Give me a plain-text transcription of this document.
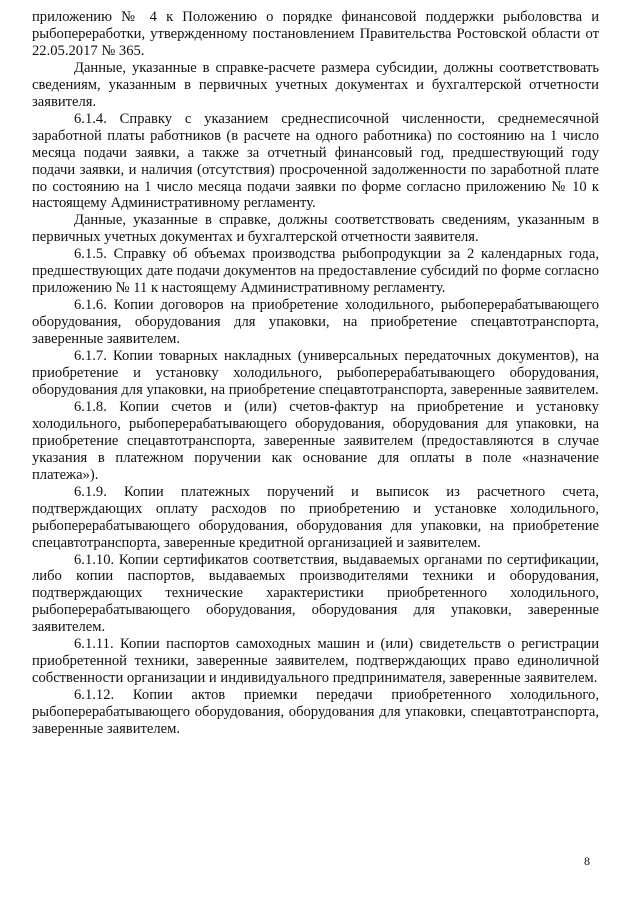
приложению № 4 к Положению о порядке финансовой поддержки рыболовства и рыбопереработки, утвержденному постановлением Правительства Ростовской области от 22.05.2017 № 365.

Данные, указанные в справке-расчете размера субсидии, должны соответствовать сведениям, указанным в первичных учетных документах и бухгалтерской отчетности заявителя.

6.1.4. Справку с указанием среднесписочной численности, среднемесячной заработной платы работников (в расчете на одного работника) по состоянию на 1 число месяца подачи заявки, а также за отчетный финансовый год, предшествующий году подачи заявки, и наличия (отсутствия) просроченной задолженности по заработной плате по состоянию на 1 число месяца подачи заявки по форме согласно приложению № 10 к настоящему Административному регламенту.

Данные, указанные в справке, должны соответствовать сведениям, указанным в первичных учетных документах и бухгалтерской отчетности заявителя.

6.1.5. Справку об объемах производства рыбопродукции за 2 календарных года, предшествующих дате подачи документов на предоставление субсидий по форме согласно приложению № 11 к настоящему Административному регламенту.

6.1.6. Копии договоров на приобретение холодильного, рыбоперерабатывающего оборудования, оборудования для упаковки, на приобретение спецавтотранспорта, заверенные заявителем.

6.1.7. Копии товарных накладных (универсальных передаточных документов), на приобретение и установку холодильного, рыбоперерабатывающего оборудования, оборудования для упаковки, на приобретение спецавтотранспорта, заверенные заявителем.

6.1.8. Копии счетов и (или) счетов-фактур на приобретение и установку холодильного, рыбоперерабатывающего оборудования, оборудования для упаковки, на приобретение спецавтотранспорта, заверенные заявителем (предоставляются в случае указания в платежном поручении как основание для оплаты в поле «назначение платежа»).

6.1.9. Копии платежных поручений и выписок из расчетного счета, подтверждающих оплату расходов по приобретению и установке холодильного, рыбоперерабатывающего оборудования, оборудования для упаковки, на приобретение спецавтотранспорта, заверенные кредитной организацией и заявителем.

6.1.10. Копии сертификатов соответствия, выдаваемых органами по сертификации, либо копии паспортов, выдаваемых производителями техники и оборудования, подтверждающих технические характеристики приобретенного холодильного, рыбоперерабатывающего оборудования, оборудования для упаковки, заверенные заявителем.

6.1.11. Копии паспортов самоходных машин и (или) свидетельств о регистрации приобретенной техники, заверенные заявителем, подтверждающих право единоличной собственности организации и индивидуального предпринимателя, заверенные заявителем.

6.1.12. Копии актов приемки передачи приобретенного холодильного, рыбоперерабатывающего оборудования, оборудования для упаковки, спецавтотранспорта, заверенные заявителем.

8
